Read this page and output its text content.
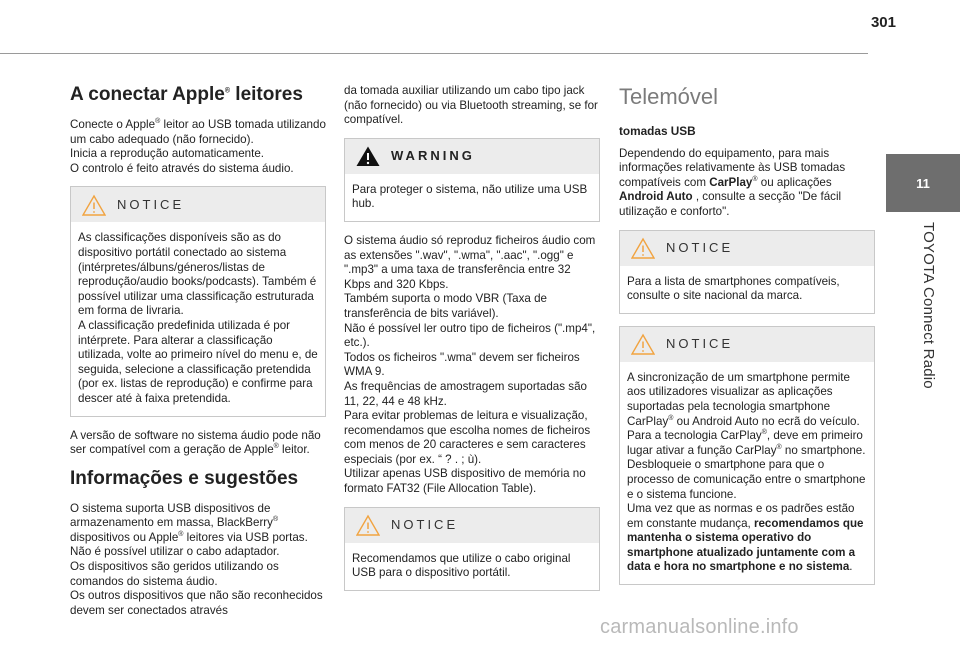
301
11
TOYOTA Connect Radio
A conectar Apple® leitores

Conecte o Apple® leitor ao USB tomada utilizando um cabo adequado (não fornecido).
Inicia a reprodução automaticamente.
O controlo é feito através do sistema áudio.

NOTICE

As classificações disponíveis são as do dispositivo portátil conectado ao sistema (intérpretes/álbuns/géneros/listas de reprodução/audio books/podcasts). Também é possível utilizar uma classificação estruturada em forma de livraria.

A classificação predefinida utilizada é por intérprete. Para alterar a classificação utilizada, volte ao primeiro nível do menu e, de seguida, selecione a classificação pretendida (por ex. listas de reprodução) e confirme para descer até à faixa pretendida.

A versão de software no sistema áudio pode não ser compatível com a geração de Apple® leitor.

Informações e sugestões

O sistema suporta USB dispositivos de armazenamento em massa, BlackBerry® dispositivos ou Apple® leitores via USB portas.
Não é possível utilizar o cabo adaptador.
Os dispositivos são geridos utilizando os comandos do sistema áudio.
Os outros dispositivos que não são reconhecidos devem ser conectados através

da tomada auxiliar utilizando um cabo tipo jack (não fornecido) ou via Bluetooth streaming, se for compatível.

WARNING

Para proteger o sistema, não utilize uma USB hub.

O sistema áudio só reproduz ficheiros áudio com as extensões ".wav", ".wma", ".aac", ".ogg" e ".mp3" a uma taxa de transferência entre 32 Kbps and 320 Kbps.
Também suporta o modo VBR (Taxa de transferência de bits variável).
Não é possível ler outro tipo de ficheiros (".mp4", etc.).
Todos os ficheiros ".wma" devem ser ficheiros WMA 9.
As frequências de amostragem suportadas são 11, 22, 44 e 48 kHz.
Para evitar problemas de leitura e visualização, recomendamos que escolha nomes de ficheiros com menos de 20 caracteres e sem caracteres especiais (por ex. “ ? . ; ù).
Utilizar apenas USB dispositivo de memória no formato FAT32 (File Allocation Table).

NOTICE

Recomendamos que utilize o cabo original USB para o dispositivo portátil.

Telemóvel
tomadas USB

Dependendo do equipamento, para mais informações relativamente às USB tomadas compatíveis com CarPlay® ou aplicações Android Auto , consulte a secção "De fácil utilização e conforto".

NOTICE

Para a lista de smartphones compatíveis, consulte o site nacional da marca.

NOTICE

A sincronização de um smartphone permite aos utilizadores visualizar as aplicações suportadas pela tecnologia smartphone CarPlay® ou Android Auto no ecrã do veículo.
Para a tecnologia CarPlay®, deve em primeiro lugar ativar a função CarPlay® no smartphone.
Desbloqueie o smartphone para que o processo de comunicação entre o smartphone e o sistema funcione.
Uma vez que as normas e os padrões estão em constante mudança, recomendamos que mantenha o sistema operativo do smartphone atualizado juntamente com a data e hora no smartphone e no sistema.

carmanualsonline.info
